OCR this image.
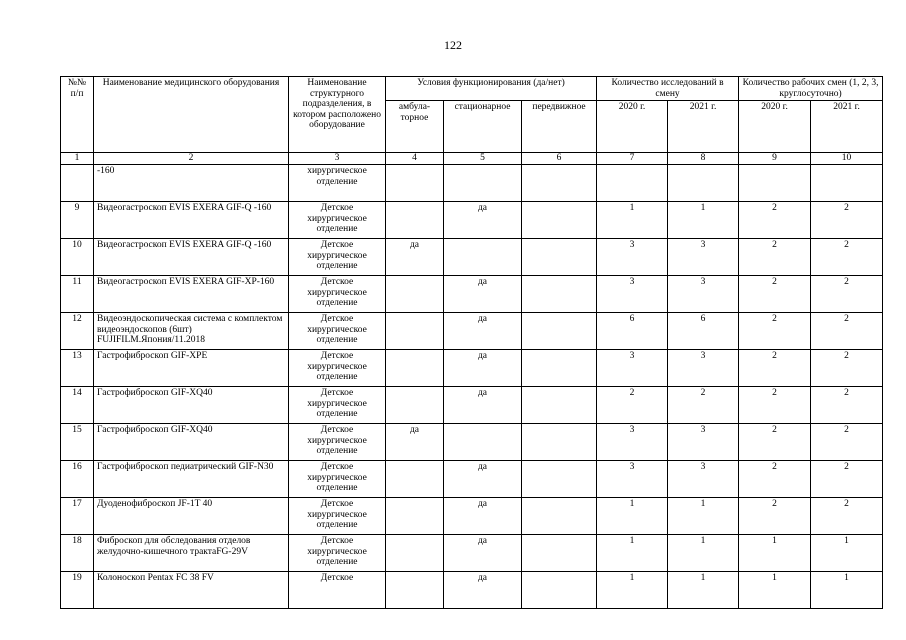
122
№№ п/п	Наименование медицинского оборудования	Наименование структурного подразделения, в котором расположено оборудование	Условия функционирования (да/нет)			Количество исследований в смену		Количество рабочих смен (1, 2, 3, круглосуточно)	
			амбула-торное	стационарное	передвижное	2020 г.	2021 г.	2020 г.	2021 г.
1	2	3	4	5	6	7	8	9	10
	-160	хирургическое отделение							
9	Видеогастроскоп EVIS EXERA GIF-Q -160	Детское хирургическое отделение		да		1	1	2	2
10	Видеогастроскоп EVIS EXERA GIF-Q -160	Детское хирургическое отделение	да			3	3	2	2
11	Видеогастроскоп EVIS EXERA GIF-XP-160	Детское хирургическое отделение		да		3	3	2	2
12	Видеоэндоскопическая система с комплектом видеоэндоскопов (6шт) FUJIFILM.Япония/11.2018	Детское хирургическое отделение		да		6	6	2	2
13	Гастрофиброскоп GIF-XPE	Детское хирургическое отделение		да		3	3	2	2
14	Гастрофиброскоп GIF-XQ40	Детское хирургическое отделение		да		2	2	2	2
15	Гастрофиброскоп GIF-XQ40	Детское хирургическое отделение	да			3	3	2	2
16	Гастрофиброскоп педиатрический GIF-N30	Детское хирургическое отделение		да		3	3	2	2
17	Дуоденофиброскоп JF-1T 40	Детское хирургическое отделение		да		1	1	2	2
18	Фиброскоп для обследования отделов желудочно-кишечного трактаFG-29V	Детское хирургическое отделение		да		1	1	1	1
19	Колоноскоп Pentax FC 38 FV	Детское		да		1	1	1	1
